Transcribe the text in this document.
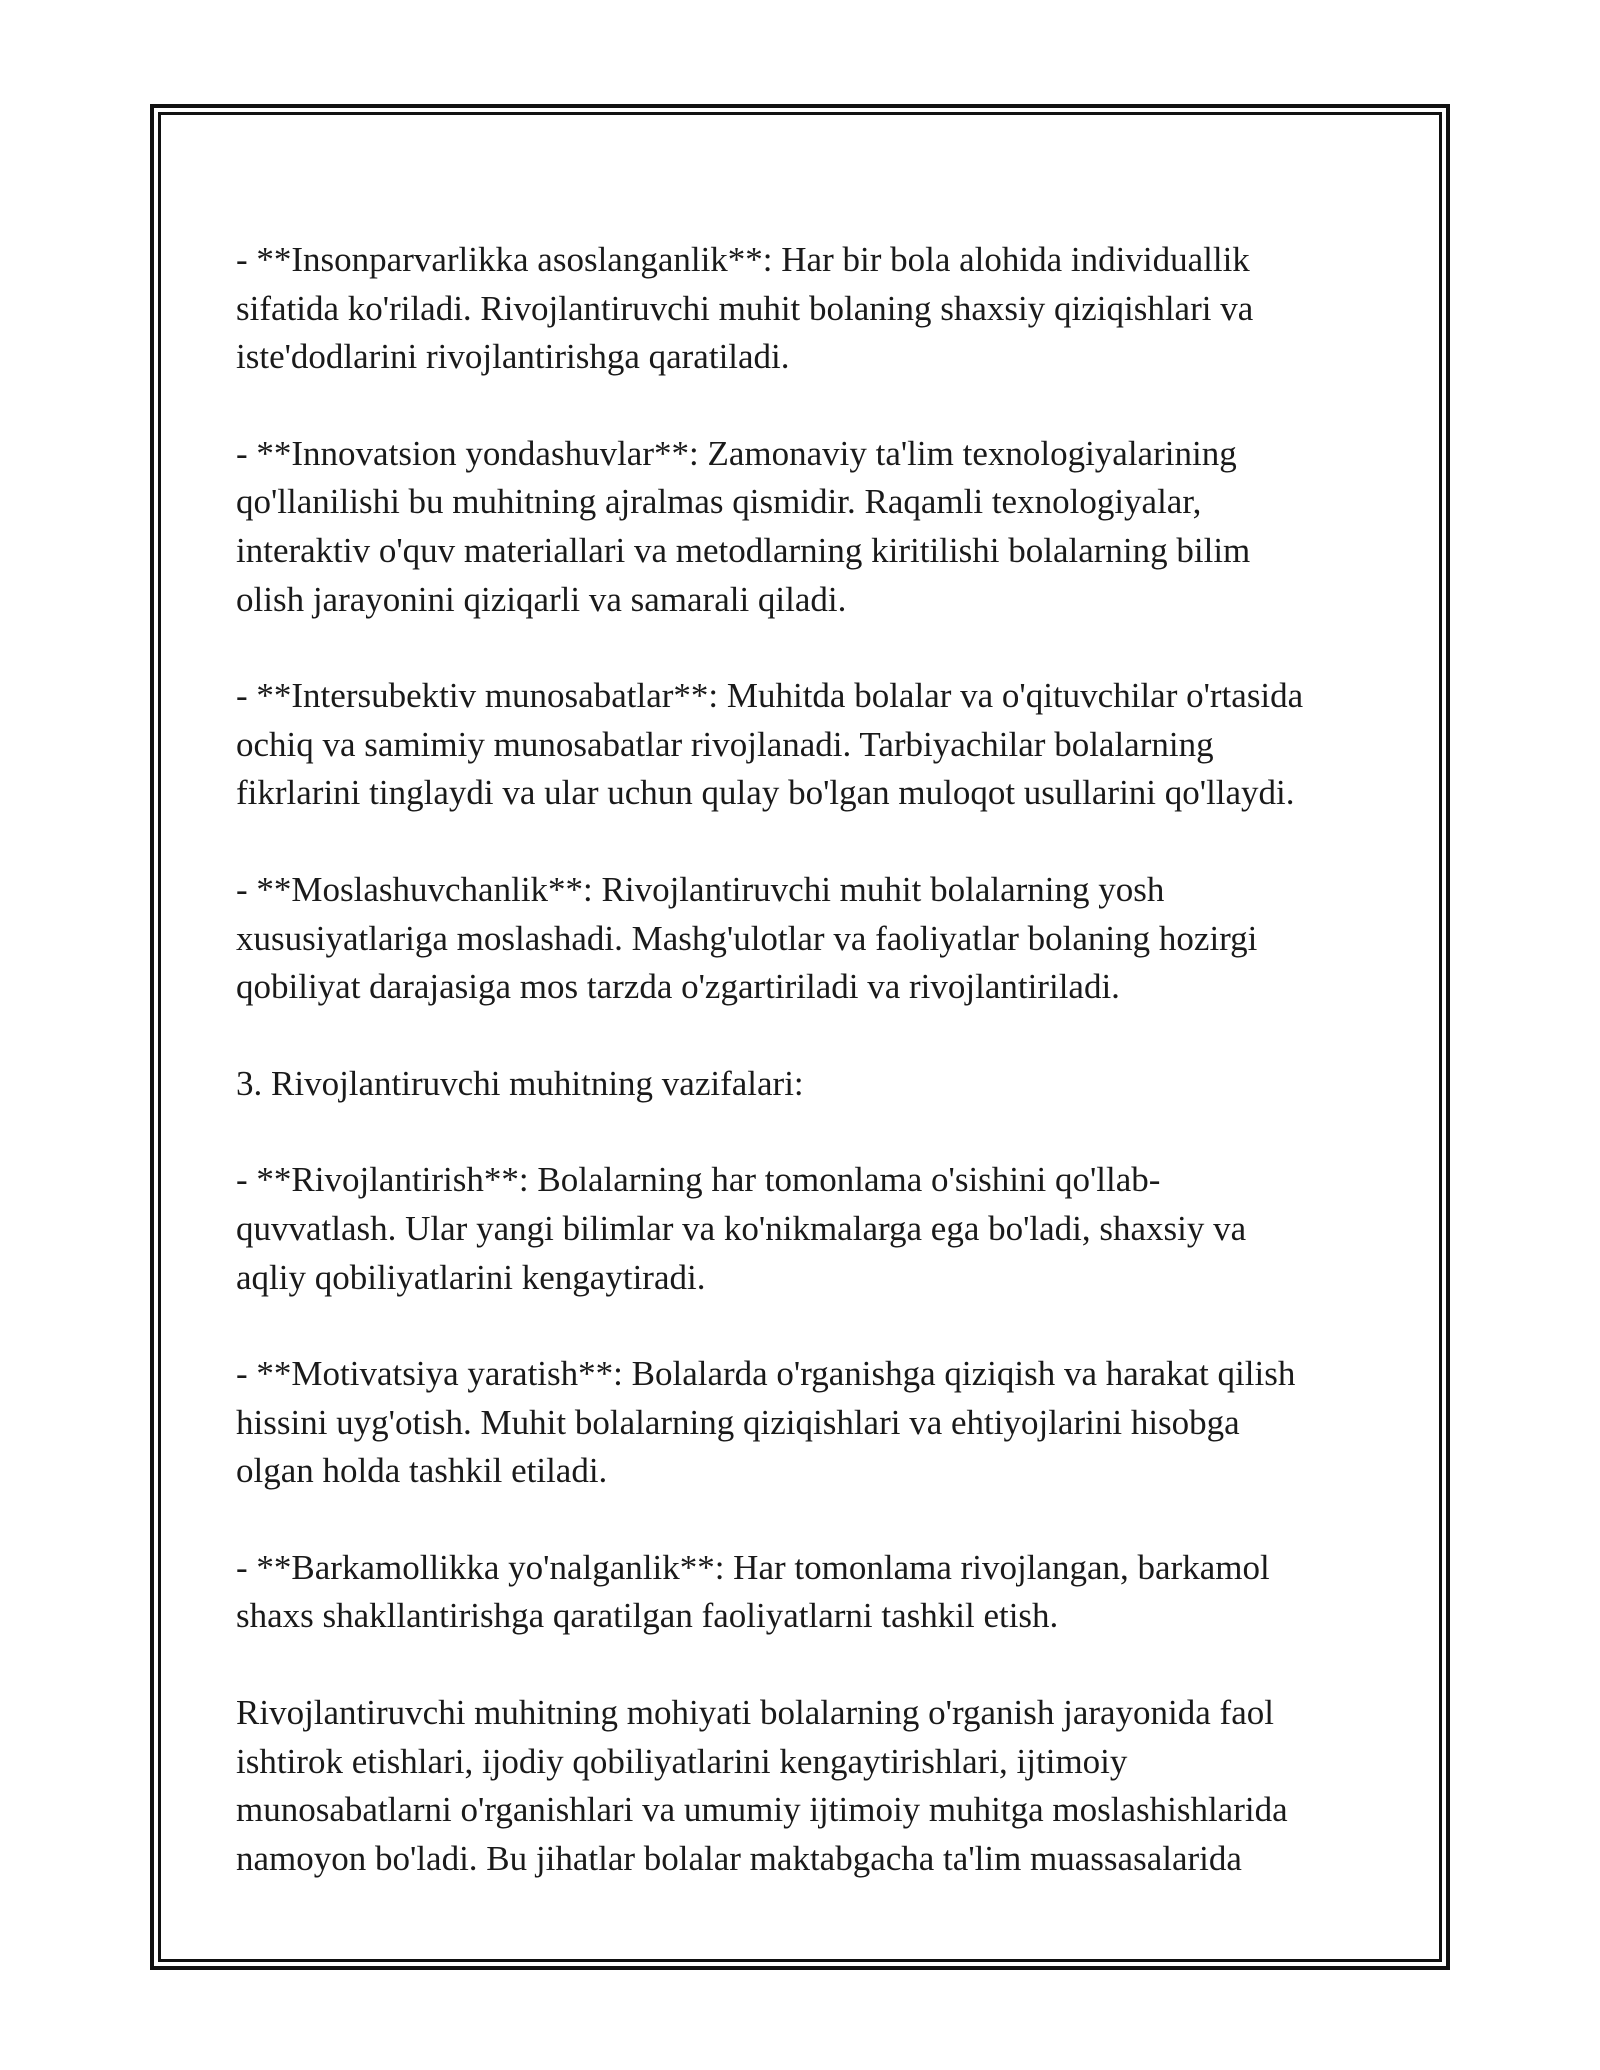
- **Insonparvarlikka asoslanganlik**: Har bir bola alohida individuallik
sifatida ko'riladi. Rivojlantiruvchi muhit bolaning shaxsiy qiziqishlari va
iste'dodlarini rivojlantirishga qaratiladi.

- **Innovatsion yondashuvlar**: Zamonaviy ta'lim texnologiyalarining
qo'llanilishi bu muhitning ajralmas qismidir. Raqamli texnologiyalar,
interaktiv o'quv materiallari va metodlarning kiritilishi bolalarning bilim
olish jarayonini qiziqarli va samarali qiladi.

- **Intersubektiv munosabatlar**: Muhitda bolalar va o'qituvchilar o'rtasida
ochiq va samimiy munosabatlar rivojlanadi. Tarbiyachilar bolalarning
fikrlarini tinglaydi va ular uchun qulay bo'lgan muloqot usullarini qo'llaydi.

- **Moslashuvchanlik**: Rivojlantiruvchi muhit bolalarning yosh
xususiyatlariga moslashadi. Mashg'ulotlar va faoliyatlar bolaning hozirgi
qobiliyat darajasiga mos tarzda o'zgartiriladi va rivojlantiriladi.

3. Rivojlantiruvchi muhitning vazifalari:

- **Rivojlantirish**: Bolalarning har tomonlama o'sishini qo'llab-
quvvatlash. Ular yangi bilimlar va ko'nikmalarga ega bo'ladi, shaxsiy va
aqliy qobiliyatlarini kengaytiradi.

- **Motivatsiya yaratish**: Bolalarda o'rganishga qiziqish va harakat qilish
hissini uyg'otish. Muhit bolalarning qiziqishlari va ehtiyojlarini hisobga
olgan holda tashkil etiladi.

- **Barkamollikka yo'nalganlik**: Har tomonlama rivojlangan, barkamol
shaxs shakllantirishga qaratilgan faoliyatlarni tashkil etish.

Rivojlantiruvchi muhitning mohiyati bolalarning o'rganish jarayonida faol
ishtirok etishlari, ijodiy qobiliyatlarini kengaytirishlari, ijtimoiy
munosabatlarni o'rganishlari va umumiy ijtimoiy muhitga moslashishlarida
namoyon bo'ladi. Bu jihatlar bolalar maktabgacha ta'lim muassasalarida
